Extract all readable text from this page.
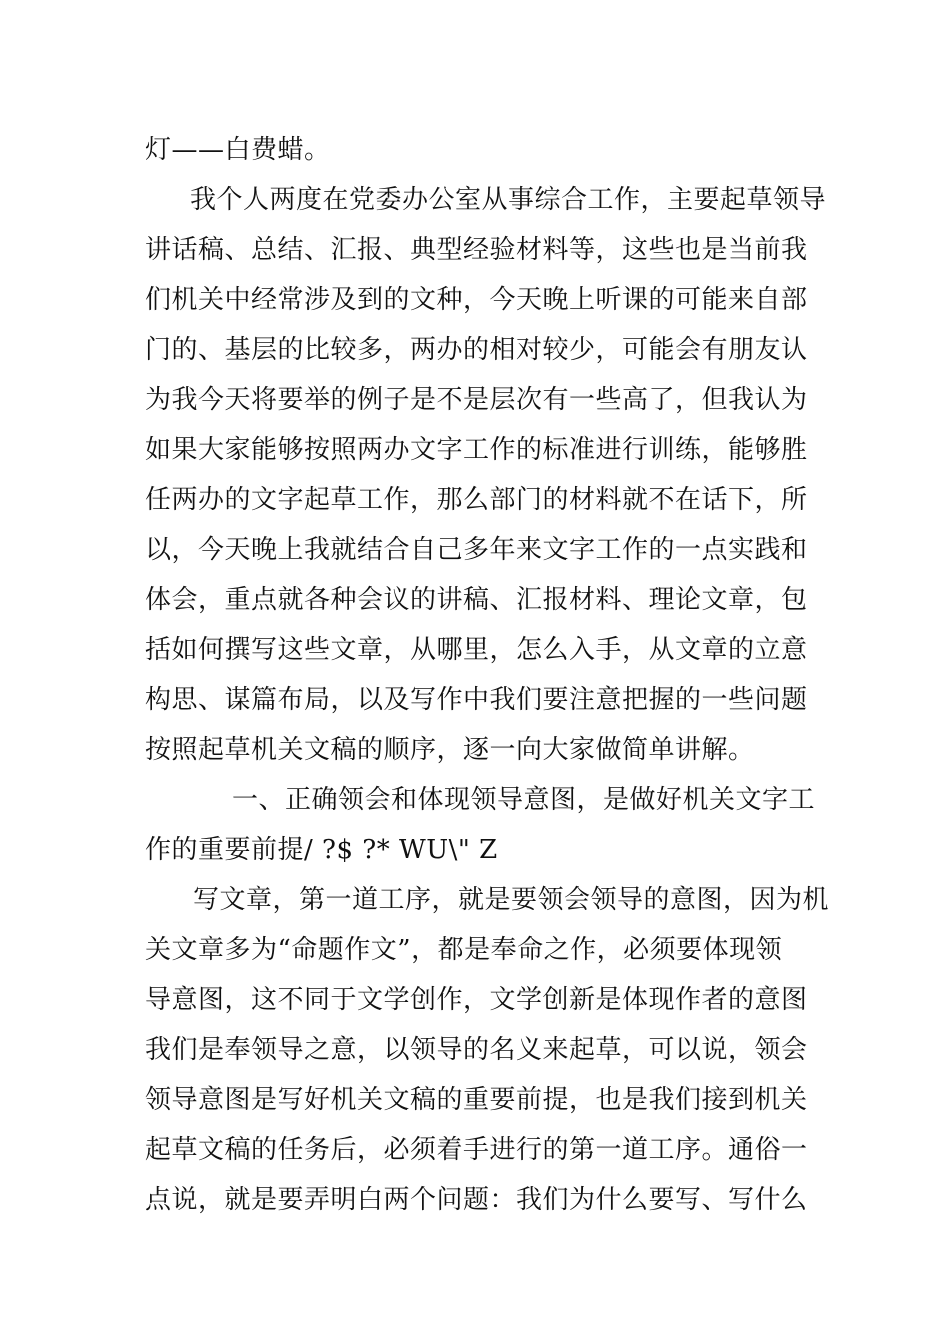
灯——白费蜡。
我个人两度在党委办公室从事综合工作，主要起草领导
讲话稿、总结、汇报、典型经验材料等，这些也是当前我
们机关中经常涉及到的文种，今天晚上听课的可能来自部
门的、基层的比较多，两办的相对较少，可能会有朋友认
为我今天将要举的例子是不是层次有一些高了，但我认为
如果大家能够按照两办文字工作的标准进行训练，能够胜
任两办的文字起草工作，那么部门的材料就不在话下，所
以，今天晚上我就结合自己多年来文字工作的一点实践和
体会，重点就各种会议的讲稿、汇报材料、理论文章，包
括如何撰写这些文章，从哪里，怎么入手，从文章的立意
构思、谋篇布局，以及写作中我们要注意把握的一些问题
按照起草机关文稿的顺序，逐一向大家做简单讲解。
一、正确领会和体现领导意图，是做好机关文字工
作的重要前提/ ?$ ?* WU\" Z
写文章，第一道工序，就是要领会领导的意图，因为机
关文章多为“命题作文”，都是奉命之作，必须要体现领
导意图，这不同于文学创作，文学创新是体现作者的意图
我们是奉领导之意，以领导的名义来起草，可以说，领会
领导意图是写好机关文稿的重要前提，也是我们接到机关
起草文稿的任务后，必须着手进行的第一道工序。通俗一
点说，就是要弄明白两个问题：我们为什么要写、写什么
